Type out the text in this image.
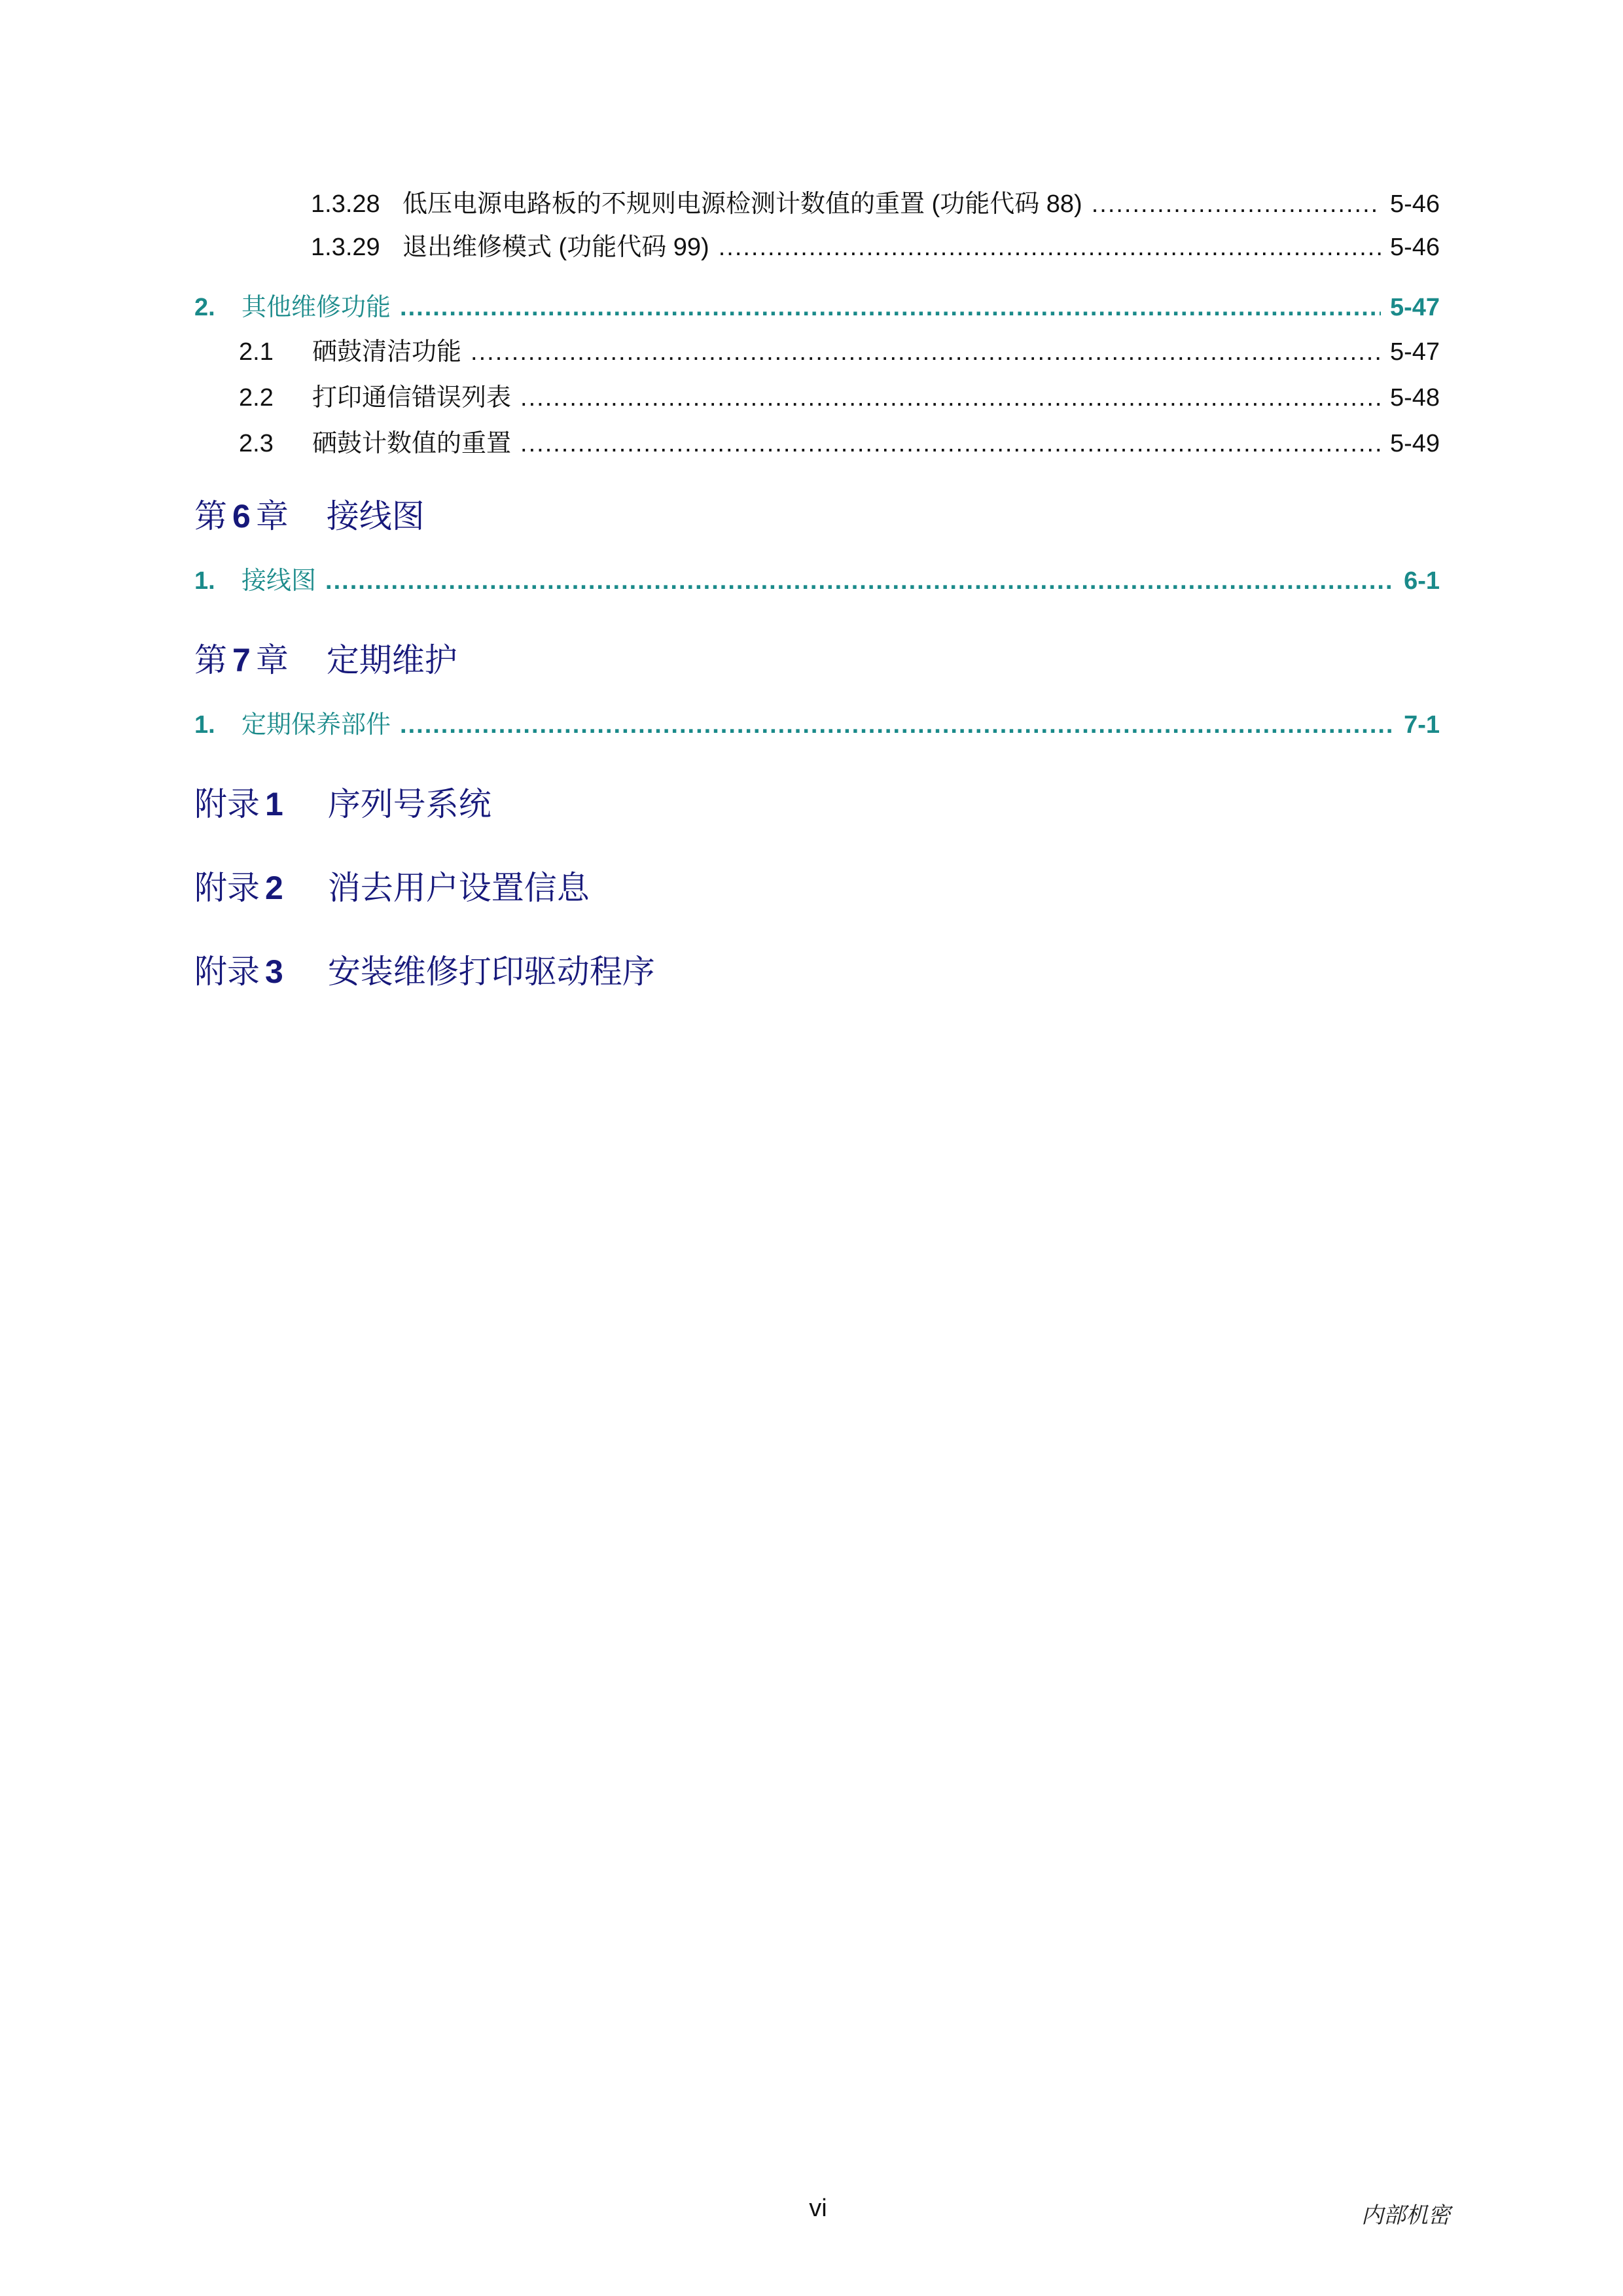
1.3.28 低压电源电路板的不规则电源检测计数值的重置 (功能代码 88) .....	5-46
1.3.29 退出维修模式 (功能代码 99) .....	5-46
2.	其他维修功能 .....	5-47
2.1	硒鼓清洁功能 .....	5-47
2.2	打印通信错误列表 .....	5-48
2.3	硒鼓计数值的重置 .....	5-49
第 6 章 接线图
1.	接线图 .....	6-1
第 7 章 定期维护
1.	定期保养部件 .....	7-1
附录 1 序列号系统
附录 2 消去用户设置信息
附录 3 安装维修打印驱动程序
vi	内部机密
